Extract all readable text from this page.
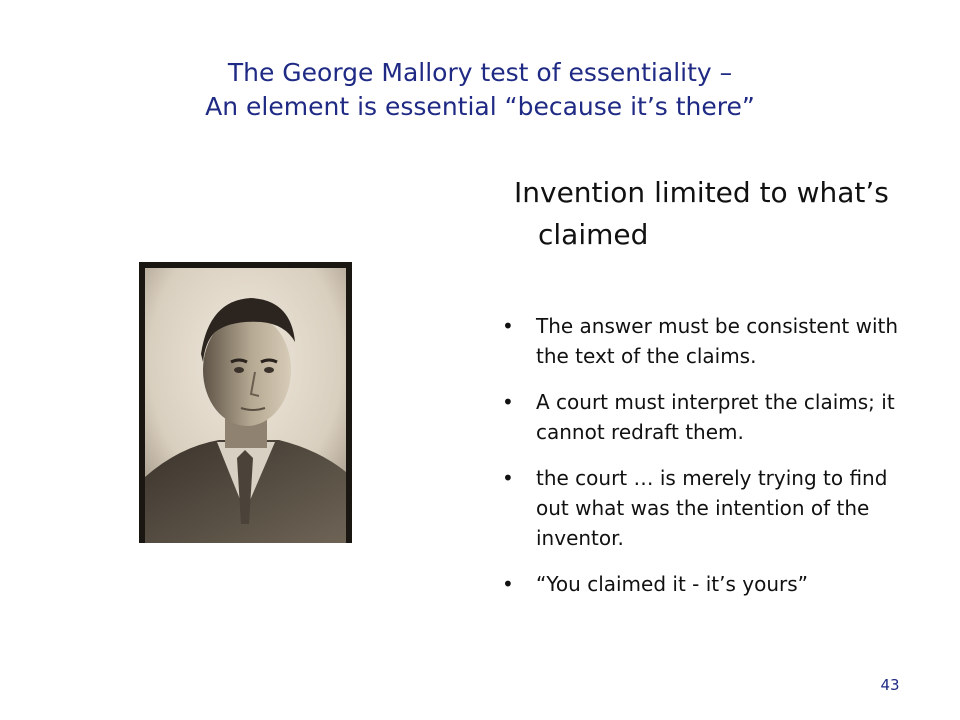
The George Mallory test of essentiality –
An element is essential “because it’s there”
Invention limited to what’s claimed
• The answer must be consistent with the text of the claims.
• A court must interpret the claims; it cannot redraft them.
• the court … is merely trying to find out what was the intention of the inventor.
• “You claimed it - it’s yours”
43
